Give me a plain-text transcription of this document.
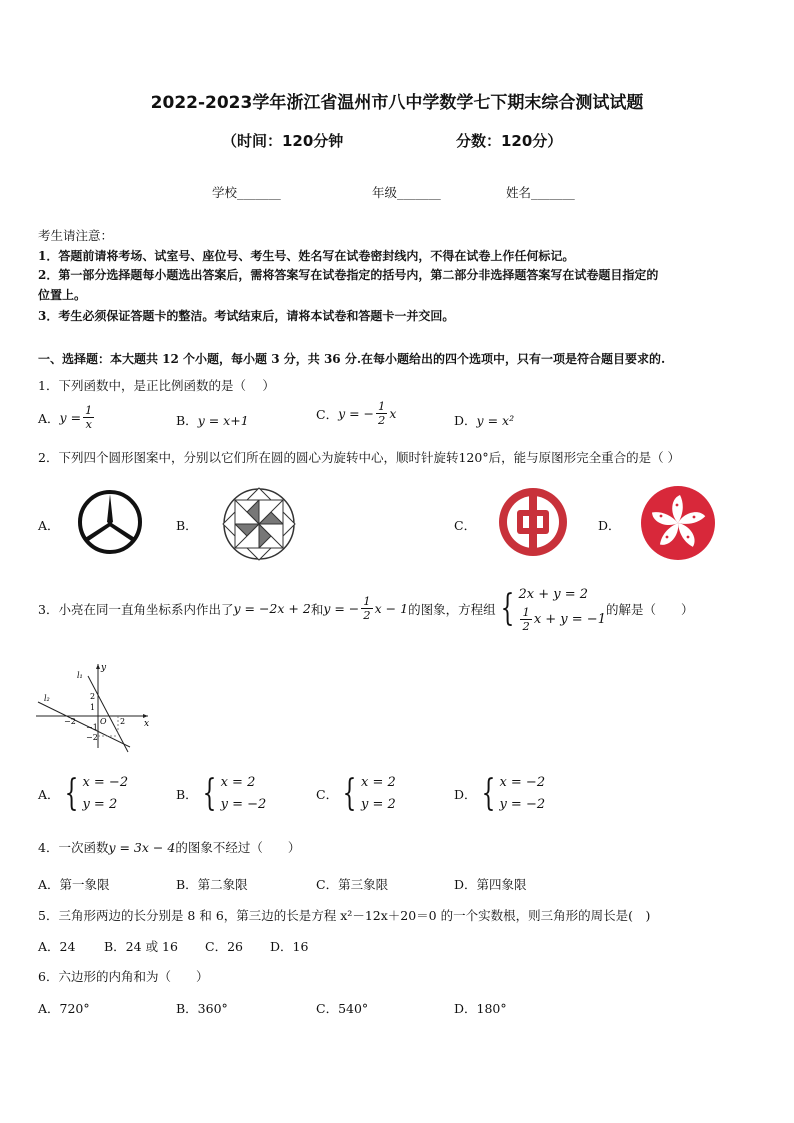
2022-2023学年浙江省温州市八中学数学七下期末综合测试试题
（时间：120分钟	分数：120分）
学校_______	年级_______	姓名_______
考生请注意：
1．答题前请将考场、试室号、座位号、考生号、姓名写在试卷密封线内，不得在试卷上作任何标记。
2．第一部分选择题每小题选出答案后，需将答案写在试卷指定的括号内，第二部分非选择题答案写在试卷题目指定的
位置上。
3．考生必须保证答题卡的整洁。考试结束后，请将本试卷和答题卡一并交回。
一、选择题：本大题共 12 个小题，每小题 3 分，共 36 分.在每小题给出的四个选项中，只有一项是符合题目要求的.
1．下列函数中，是正比例函数的是（　 ）
A． $y = \frac{1}{x}$	B．y = x+1	C． y = − $\frac{1}{2}$ x	D．y = x²
2．下列四个圆形图案中，分别以它们所在圆的圆心为旋转中心，顺时针旋转120°后，能与原图形完全重合的是（ ）
A．	B．	C．	D．
3．小亮在同一直角坐标系内作出了 y = −2x + 2 和 y = − $\frac{1}{2}$ x − 1 的图象，方程组 { 2x + y = 2
$\frac{1}{2}$ x + y = −1
的解是（　　）
y
x
l₁
l₂
O
2
1
−1
−2
−2	2
A． { x = −2
y = 2
B． { x = 2
y = −2
C． { x = 2
y = 2
D． { x = −2
y = −2
4．一次函数y = 3x − 4的图象不经过（　　）
A．第一象限	B．第二象限	C．第三象限	D．第四象限
5．三角形两边的长分别是 8 和 6，第三边的长是方程 x²－12x＋20＝0 的一个实数根，则三角形的周长是(　)
A．24 B．24 或 16 C．26 D．16
6．六边形的内角和为（　　）
A．720°	B．360°	C．540°	D．180°
